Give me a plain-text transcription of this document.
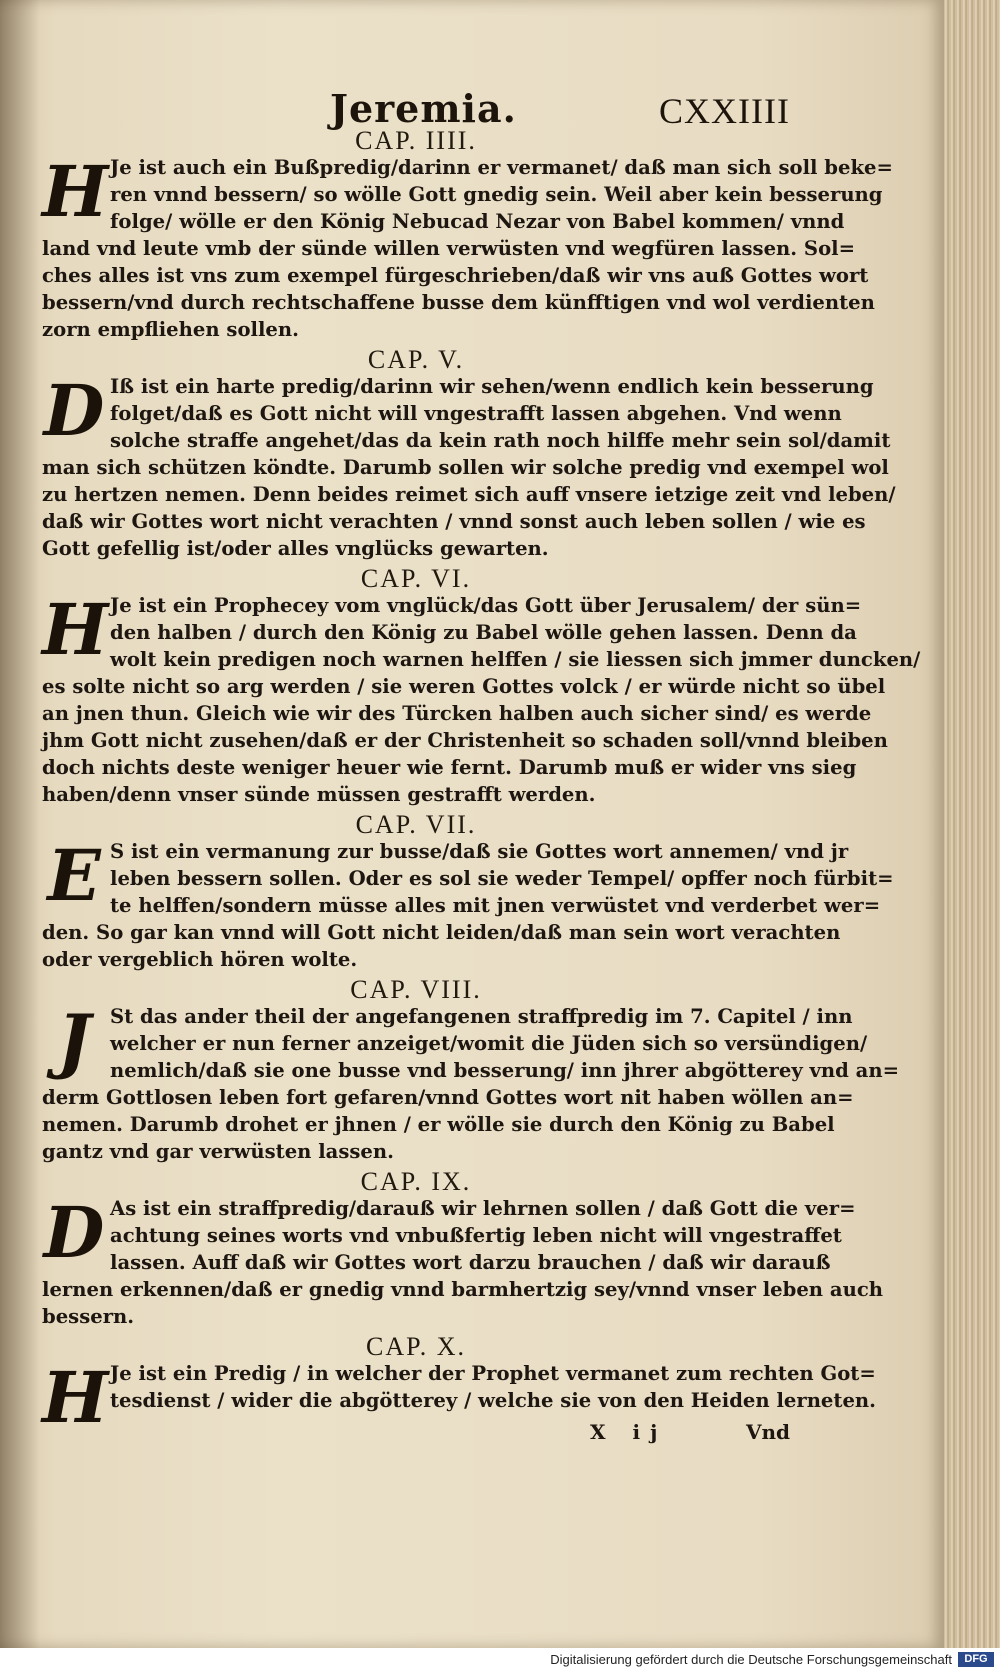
Jeremia.	CXXIIII
CAP. IIII.
H Je ist auch ein Bußpredig/darinn er vermanet/ daß man sich soll beke=
ren vnnd bessern/ so wölle Gott gnedig sein. Weil aber kein besserung
folge/ wölle er den König Nebucad Nezar von Babel kommen/ vnnd
land vnd leute vmb der sünde willen verwüsten vnd wegfüren lassen. Sol=
ches alles ist vns zum exempel fürgeschrieben/daß wir vns auß Gottes wort
bessern/vnd durch rechtschaffene busse dem künfftigen vnd wol verdienten
zorn empfliehen sollen.
CAP. V.
D Iß ist ein harte predig/darinn wir sehen/wenn endlich kein besserung
folget/daß es Gott nicht will vngestrafft lassen abgehen. Vnd wenn
solche straffe angehet/das da kein rath noch hilffe mehr sein sol/damit
man sich schützen köndte. Darumb sollen wir solche predig vnd exempel wol
zu hertzen nemen. Denn beides reimet sich auff vnsere ietzige zeit vnd leben/
daß wir Gottes wort nicht verachten / vnnd sonst auch leben sollen / wie es
Gott gefellig ist/oder alles vnglücks gewarten.
CAP. VI.
H Je ist ein Prophecey vom vnglück/das Gott über Jerusalem/ der sün=
den halben / durch den König zu Babel wölle gehen lassen. Denn da
wolt kein predigen noch warnen helffen / sie liessen sich jmmer duncken/
es solte nicht so arg werden / sie weren Gottes volck / er würde nicht so übel
an jnen thun. Gleich wie wir des Türcken halben auch sicher sind/ es werde
jhm Gott nicht zusehen/daß er der Christenheit so schaden soll/vnnd bleiben
doch nichts deste weniger heuer wie fernt. Darumb muß er wider vns sieg
haben/denn vnser sünde müssen gestrafft werden.
CAP. VII.
E S ist ein vermanung zur busse/daß sie Gottes wort annemen/ vnd jr
leben bessern sollen. Oder es sol sie weder Tempel/ opffer noch fürbit=
te helffen/sondern müsse alles mit jnen verwüstet vnd verderbet wer=
den. So gar kan vnnd will Gott nicht leiden/daß man sein wort verachten
oder vergeblich hören wolte.
CAP. VIII.
J St das ander theil der angefangenen straffpredig im 7. Capitel / inn
welcher er nun ferner anzeiget/womit die Jüden sich so versündigen/
nemlich/daß sie one busse vnd besserung/ inn jhrer abgötterey vnd an=
derm Gottlosen leben fort gefaren/vnnd Gottes wort nit haben wöllen an=
nemen. Darumb drohet er jhnen / er wölle sie durch den König zu Babel
gantz vnd gar verwüsten lassen.
CAP. IX.
D As ist ein straffpredig/darauß wir lehrnen sollen / daß Gott die ver=
achtung seines worts vnd vnbußfertig leben nicht will vngestraffet
lassen. Auff daß wir Gottes wort darzu brauchen / daß wir darauß
lernen erkennen/daß er gnedig vnnd barmhertzig sey/vnnd vnser leben auch
bessern.
CAP. X.
H Je ist ein Predig / in welcher der Prophet vermanet zum rechten Got=
tesdienst / wider die abgötterey / welche sie von den Heiden lerneten.
X ij	Vnd
Digitalisierung gefördert durch die Deutsche Forschungsgemeinschaft	DFG
